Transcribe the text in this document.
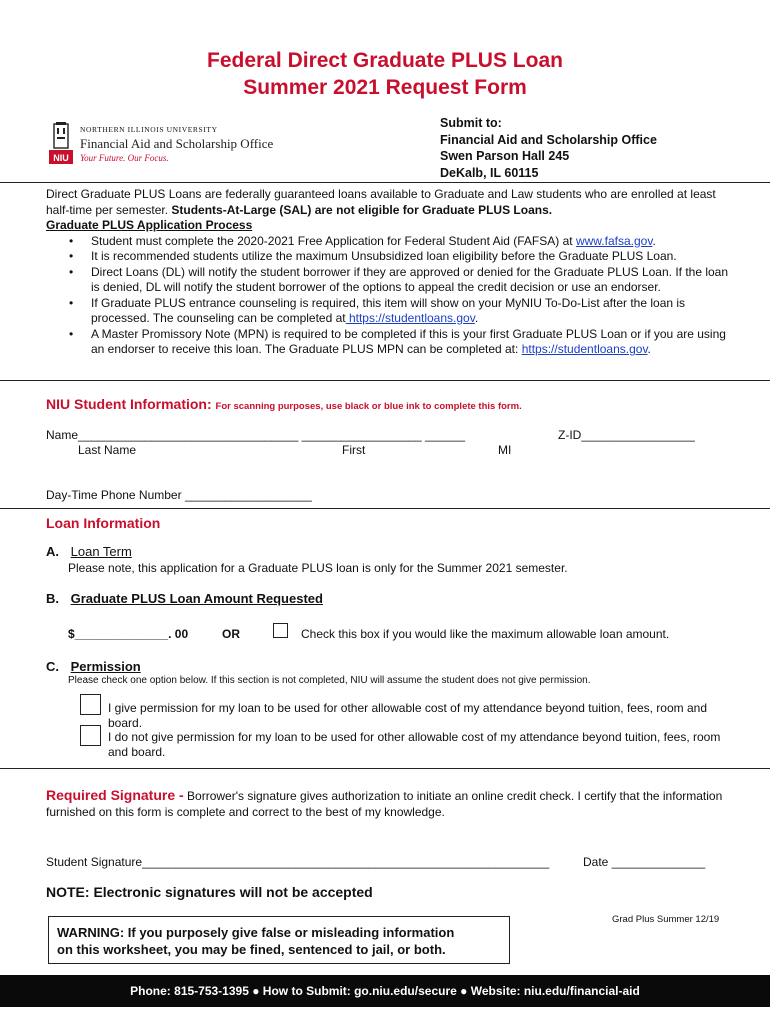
Federal Direct Graduate PLUS Loan
Summer 2021 Request Form
NIU
NORTHERN ILLINOIS UNIVERSITY
Financial Aid and Scholarship Office
Your Future. Our Focus.
Submit to:
Financial Aid and Scholarship Office
Swen Parson Hall 245
DeKalb, IL 60115
Direct Graduate PLUS Loans are federally guaranteed loans available to Graduate and Law students who are enrolled at least half-time per semester. Students-At-Large (SAL) are not eligible for Graduate PLUS Loans.
Graduate PLUS Application Process
• Student must complete the 2020-2021 Free Application for Federal Student Aid (FAFSA) at www.fafsa.gov.
• It is recommended students utilize the maximum Unsubsidized loan eligibility before the Graduate PLUS Loan.
• Direct Loans (DL) will notify the student borrower if they are approved or denied for the Graduate PLUS Loan. If the loan is denied, DL will notify the student borrower of the options to appeal the credit decision or use an endorser.
• If Graduate PLUS entrance counseling is required, this item will show on your MyNIU To-Do-List after the loan is processed. The counseling can be completed at https://studentloans.gov.
• A Master Promissory Note (MPN) is required to be completed if this is your first Graduate PLUS Loan or if you are using an endorser to receive this loan. The Graduate PLUS MPN can be completed at: https://studentloans.gov.
NIU Student Information: For scanning purposes, use black or blue ink to complete this form.
Name_________________________________ __________________ ______	Z-ID_________________
Last Name	First	MI
Day-Time Phone Number ___________________
Loan Information
A. Loan Term
Please note, this application for a Graduate PLUS loan is only for the Summer 2021 semester.
B. Graduate PLUS Loan Amount Requested
$______________. 00	OR	Check this box if you would like the maximum allowable loan amount.
C. Permission
Please check one option below. If this section is not completed, NIU will assume the student does not give permission.
I give permission for my loan to be used for other allowable cost of my attendance beyond tuition, fees, room and board.
I do not give permission for my loan to be used for other allowable cost of my attendance beyond tuition, fees, room and board.
Required Signature - Borrower's signature gives authorization to initiate an online credit check. I certify that the information furnished on this form is complete and correct to the best of my knowledge.
Student Signature_____________________________________________________________	Date ______________
NOTE: Electronic signatures will not be accepted
Grad Plus Summer 12/19
WARNING: If you purposely give false or misleading information
on this worksheet, you may be fined, sentenced to jail, or both.
Phone: 815-753-1395 ● How to Submit: go.niu.edu/secure ● Website: niu.edu/financial-aid
